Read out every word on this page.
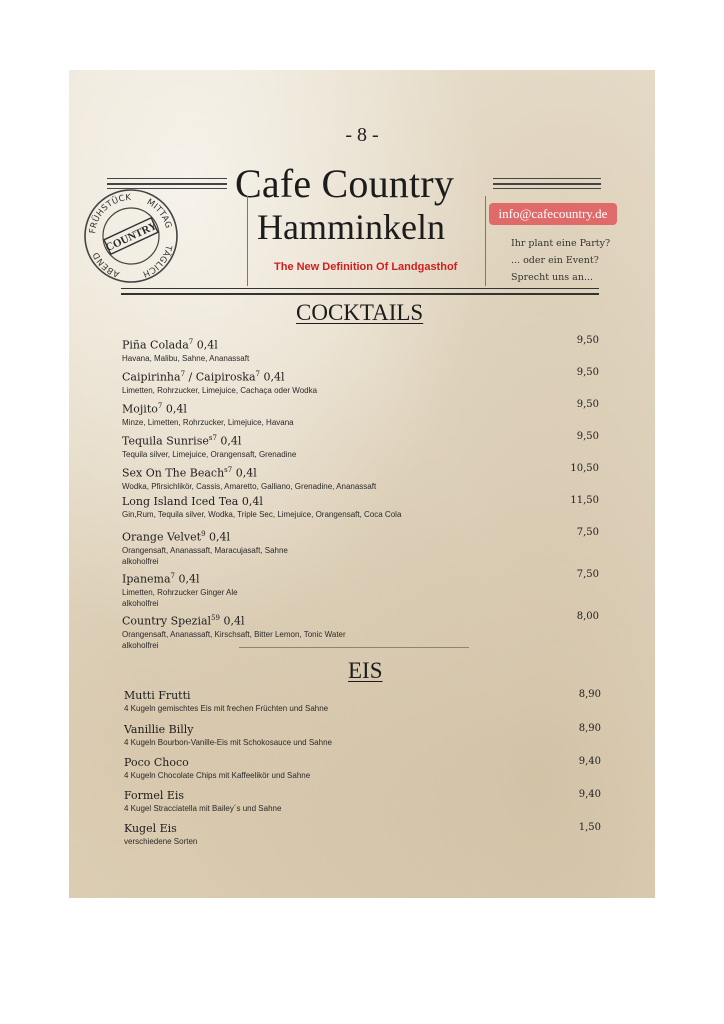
- 8 -
Cafe Country
Hamminkeln
The New Definition Of Landgasthof
FRÜHSTÜCK MITTAG
ABEND
TÄGLICH
COUNTRY
info@cafecountry.de
Ihr plant eine Party?
... oder ein Event?
Sprecht uns an...
COCKTAILS
Piña Colada$^7$ 0,4l
Havana, Malibu, Sahne, Ananassaft
9,50
Caipirinha$^7$ / Caipiroska$^7$ 0,4l
Limetten, Rohrzucker, Limejuice, Cachaça oder Wodka
9,50
Mojito$^7$ 0,4l
Minze, Limetten, Rohrzucker, Limejuice, Havana
9,50
Tequila Sunrise$^{s7}$ 0,4l
Tequila silver, Limejuice, Orangensaft, Grenadine
9,50
Sex On The Beach$^{s7}$ 0,4l
Wodka, Pfirsichlikör, Cassis, Amaretto, Galliano, Grenadine, Ananassaft
10,50
Long Island Iced Tea 0,4l
Gin,Rum, Tequila silver, Wodka, Triple Sec, Limejuice, Orangensaft, Coca Cola
11,50
Orange Velvet$^9$ 0,4l
Orangensaft, Ananassaft, Maracujasaft, Sahne
alkoholfrei
7,50
Ipanema$^7$ 0,4l
Limetten, Rohrzucker Ginger Ale
alkoholfrei
7,50
Country Spezial$^{59}$ 0,4l
Orangensaft, Ananassaft, Kirschsaft, Bitter Lemon, Tonic Water
alkoholfrei
8,00
EIS
Mutti Frutti
4 Kugeln gemischtes Eis mit frechen Früchten und Sahne
8,90
Vanillie Billy
4 Kugeln Bourbon-Vanille-Eis mit Schokosauce und Sahne
8,90
Poco Choco
4 Kugeln Chocolate Chips mit Kaffeelikör und Sahne
9,40
Formel Eis
4 Kugel Stracciatella mit Bailey´s und Sahne
9,40
Kugel Eis
verschiedene Sorten
1,50
